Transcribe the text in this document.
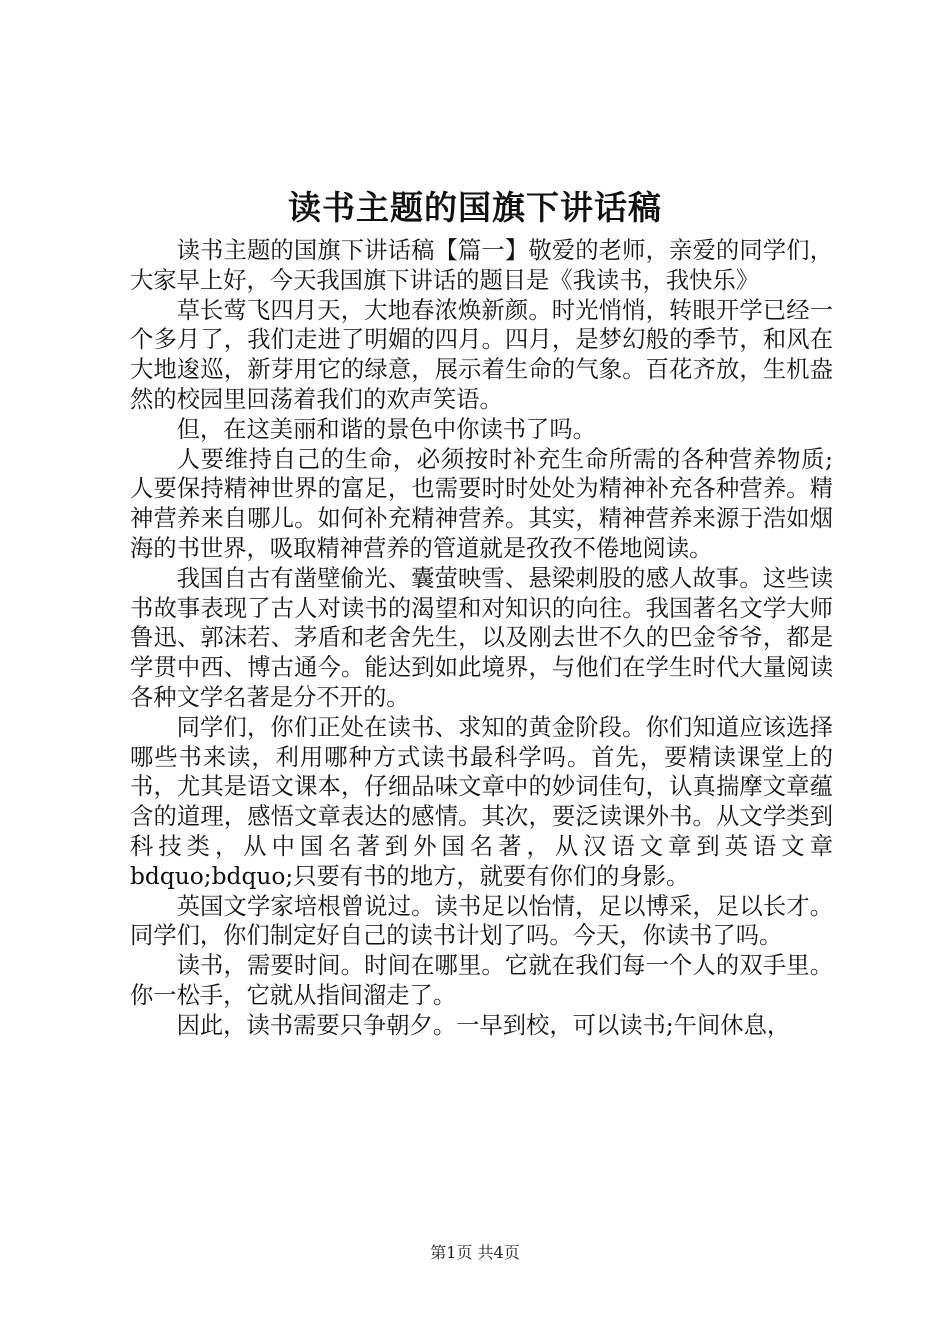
读书主题的国旗下讲话稿

读书主题的国旗下讲话稿【篇一】敬爱的老师，亲爱的同学们，大家早上好，今天我国旗下讲话的题目是《我读书，我快乐》

草长莺飞四月天，大地春浓焕新颜。时光悄悄，转眼开学已经一个多月了，我们走进了明媚的四月。四月，是梦幻般的季节，和风在大地逡巡，新芽用它的绿意，展示着生命的气象。百花齐放，生机盎然的校园里回荡着我们的欢声笑语。

但，在这美丽和谐的景色中你读书了吗。

人要维持自己的生命，必须按时补充生命所需的各种营养物质;人要保持精神世界的富足，也需要时时处处为精神补充各种营养。精神营养来自哪儿。如何补充精神营养。其实，精神营养来源于浩如烟海的书世界，吸取精神营养的管道就是孜孜不倦地阅读。

我国自古有凿壁偷光、囊萤映雪、悬梁刺股的感人故事。这些读书故事表现了古人对读书的渴望和对知识的向往。我国著名文学大师鲁迅、郭沫若、茅盾和老舍先生，以及刚去世不久的巴金爷爷，都是学贯中西、博古通今。能达到如此境界，与他们在学生时代大量阅读各种文学名著是分不开的。

同学们，你们正处在读书、求知的黄金阶段。你们知道应该选择哪些书来读，利用哪种方式读书最科学吗。首先，要精读课堂上的书，尤其是语文课本，仔细品味文章中的妙词佳句，认真揣摩文章蕴含的道理，感悟文章表达的感情。其次，要泛读课外书。从文学类到科技类，从中国名著到外国名著，从汉语文章到英语文章 bdquo;bdquo;只要有书的地方，就要有你们的身影。

英国文学家培根曾说过。读书足以怡情，足以博采，足以长才。同学们，你们制定好自己的读书计划了吗。今天，你读书了吗。

读书，需要时间。时间在哪里。它就在我们每一个人的双手里。你一松手，它就从指间溜走了。

因此，读书需要只争朝夕。一早到校，可以读书;午间休息，

第1页 共4页
